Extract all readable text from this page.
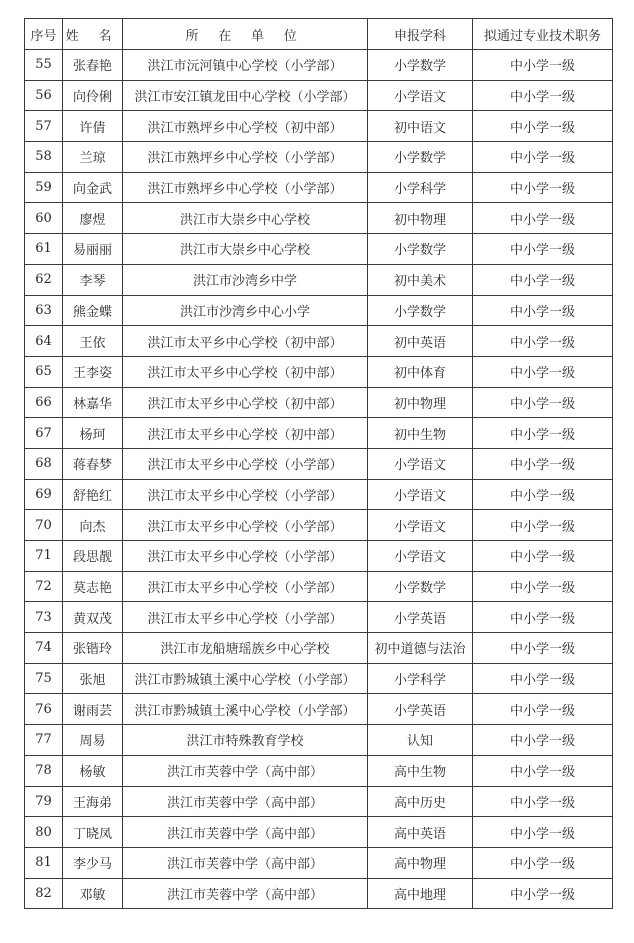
序号	姓 名	所 在 单 位	申报学科	拟通过专业技术职务
55	张春艳	洪江市沅河镇中心学校（小学部）	小学数学	中小学一级
56	向伶俐	洪江市安江镇龙田中心学校（小学部）	小学语文	中小学一级
57	许倩	洪江市熟坪乡中心学校（初中部）	初中语文	中小学一级
58	兰琼	洪江市熟坪乡中心学校（小学部）	小学数学	中小学一级
59	向金武	洪江市熟坪乡中心学校（小学部）	小学科学	中小学一级
60	廖煜	洪江市大崇乡中心学校	初中物理	中小学一级
61	易丽丽	洪江市大崇乡中心学校	小学数学	中小学一级
62	李琴	洪江市沙湾乡中学	初中美术	中小学一级
63	熊金蝶	洪江市沙湾乡中心小学	小学数学	中小学一级
64	王依	洪江市太平乡中心学校（初中部）	初中英语	中小学一级
65	王李姿	洪江市太平乡中心学校（初中部）	初中体育	中小学一级
66	林嘉华	洪江市太平乡中心学校（初中部）	初中物理	中小学一级
67	杨珂	洪江市太平乡中心学校（初中部）	初中生物	中小学一级
68	蒋春梦	洪江市太平乡中心学校（小学部）	小学语文	中小学一级
69	舒艳红	洪江市太平乡中心学校（小学部）	小学语文	中小学一级
70	向杰	洪江市太平乡中心学校（小学部）	小学语文	中小学一级
71	段思靓	洪江市太平乡中心学校（小学部）	小学语文	中小学一级
72	莫志艳	洪江市太平乡中心学校（小学部）	小学数学	中小学一级
73	黄双茂	洪江市太平乡中心学校（小学部）	小学英语	中小学一级
74	张锴玲	洪江市龙船塘瑶族乡中心学校	初中道德与法治	中小学一级
75	张旭	洪江市黔城镇土溪中心学校（小学部）	小学科学	中小学一级
76	谢雨芸	洪江市黔城镇土溪中心学校（小学部）	小学英语	中小学一级
77	周易	洪江市特殊教育学校	认知	中小学一级
78	杨敏	洪江市芙蓉中学（高中部）	高中生物	中小学一级
79	王海弟	洪江市芙蓉中学（高中部）	高中历史	中小学一级
80	丁晓凤	洪江市芙蓉中学（高中部）	高中英语	中小学一级
81	李少马	洪江市芙蓉中学（高中部）	高中物理	中小学一级
82	邓敏	洪江市芙蓉中学（高中部）	高中地理	中小学一级
